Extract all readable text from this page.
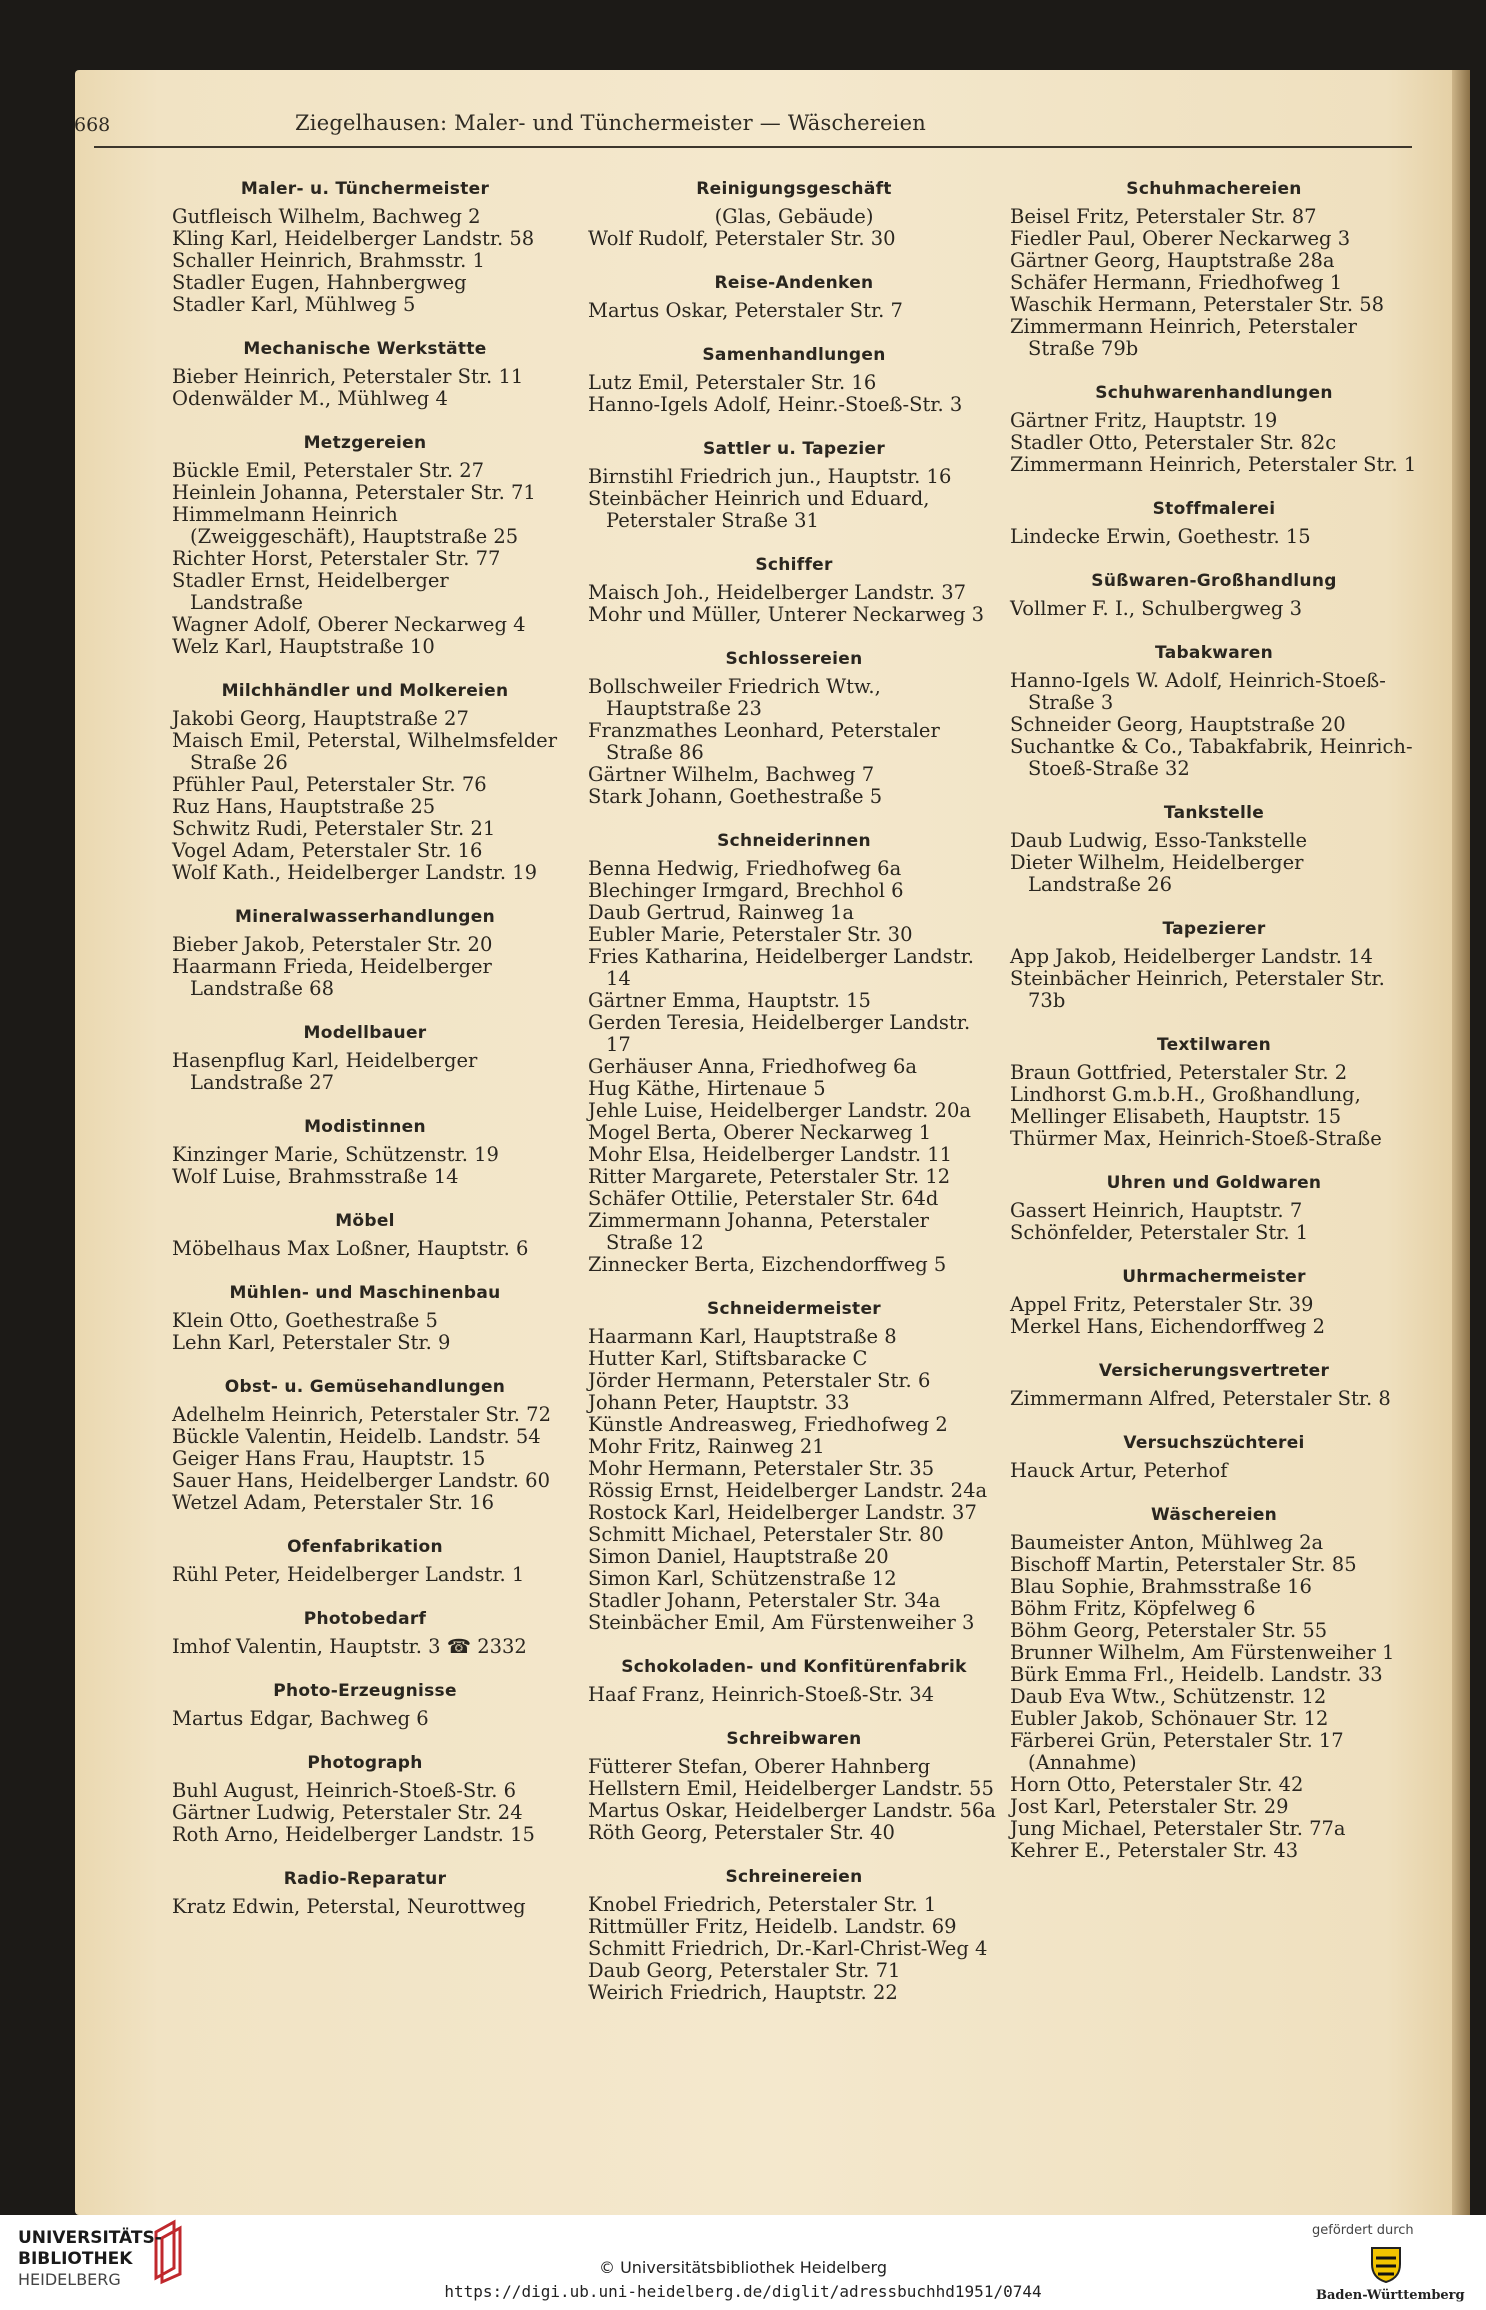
668	Ziegelhausen: Maler- und Tünchermeister — Wäschereien
Maler- u. Tünchermeister

Gutfleisch Wilhelm, Bachweg 2

Kling Karl, Heidelberger Landstr. 58

Schaller Heinrich, Brahmsstr. 1

Stadler Eugen, Hahnbergweg

Stadler Karl, Mühlweg 5

Mechanische Werkstätte

Bieber Heinrich, Peterstaler Str. 11

Odenwälder M., Mühlweg 4

Metzgereien

Bückle Emil, Peterstaler Str. 27

Heinlein Johanna, Peterstaler Str. 71

Himmelmann Heinrich (Zweiggeschäft), Hauptstraße 25

Richter Horst, Peterstaler Str. 77

Stadler Ernst, Heidelberger Landstraße

Wagner Adolf, Oberer Neckarweg 4

Welz Karl, Hauptstraße 10

Milchhändler und Molkereien

Jakobi Georg, Hauptstraße 27

Maisch Emil, Peterstal, Wilhelmsfelder Straße 26

Pfühler Paul, Peterstaler Str. 76

Ruz Hans, Hauptstraße 25

Schwitz Rudi, Peterstaler Str. 21

Vogel Adam, Peterstaler Str. 16

Wolf Kath., Heidelberger Landstr. 19

Mineralwasserhandlungen

Bieber Jakob, Peterstaler Str. 20

Haarmann Frieda, Heidelberger Landstraße 68

Modellbauer

Hasenpflug Karl, Heidelberger Landstraße 27

Modistinnen

Kinzinger Marie, Schützenstr. 19

Wolf Luise, Brahmsstraße 14

Möbel

Möbelhaus Max Loßner, Hauptstr. 6

Mühlen- und Maschinenbau

Klein Otto, Goethestraße 5

Lehn Karl, Peterstaler Str. 9

Obst- u. Gemüsehandlungen

Adelhelm Heinrich, Peterstaler Str. 72

Bückle Valentin, Heidelb. Landstr. 54

Geiger Hans Frau, Hauptstr. 15

Sauer Hans, Heidelberger Landstr. 60

Wetzel Adam, Peterstaler Str. 16

Ofenfabrikation

Rühl Peter, Heidelberger Landstr. 1

Photobedarf

Imhof Valentin, Hauptstr. 3 ☎ 2332

Photo-Erzeugnisse

Martus Edgar, Bachweg 6

Photograph

Buhl August, Heinrich-Stoeß-Str. 6

Gärtner Ludwig, Peterstaler Str. 24

Roth Arno, Heidelberger Landstr. 15

Radio-Reparatur

Kratz Edwin, Peterstal, Neurottweg

Reinigungsgeschäft
(Glas, Gebäude)

Wolf Rudolf, Peterstaler Str. 30

Reise-Andenken

Martus Oskar, Peterstaler Str. 7

Samenhandlungen

Lutz Emil, Peterstaler Str. 16

Hanno-Igels Adolf, Heinr.-Stoeß-Str. 3

Sattler u. Tapezier

Birnstihl Friedrich jun., Hauptstr. 16

Steinbächer Heinrich und Eduard, Peterstaler Straße 31

Schiffer

Maisch Joh., Heidelberger Landstr. 37

Mohr und Müller, Unterer Neckarweg 3

Schlossereien

Bollschweiler Friedrich Wtw., Hauptstraße 23

Franzmathes Leonhard, Peterstaler Straße 86

Gärtner Wilhelm, Bachweg 7

Stark Johann, Goethestraße 5

Schneiderinnen

Benna Hedwig, Friedhofweg 6a

Blechinger Irmgard, Brechhol 6

Daub Gertrud, Rainweg 1a

Eubler Marie, Peterstaler Str. 30

Fries Katharina, Heidelberger Landstr. 14

Gärtner Emma, Hauptstr. 15

Gerden Teresia, Heidelberger Landstr. 17

Gerhäuser Anna, Friedhofweg 6a

Hug Käthe, Hirtenaue 5

Jehle Luise, Heidelberger Landstr. 20a

Mogel Berta, Oberer Neckarweg 1

Mohr Elsa, Heidelberger Landstr. 11

Ritter Margarete, Peterstaler Str. 12

Schäfer Ottilie, Peterstaler Str. 64d

Zimmermann Johanna, Peterstaler Straße 12

Zinnecker Berta, Eizchendorffweg 5

Schneidermeister

Haarmann Karl, Hauptstraße 8

Hutter Karl, Stiftsbaracke C

Jörder Hermann, Peterstaler Str. 6

Johann Peter, Hauptstr. 33

Künstle Andreasweg, Friedhofweg 2

Mohr Fritz, Rainweg 21

Mohr Hermann, Peterstaler Str. 35

Rössig Ernst, Heidelberger Landstr. 24a

Rostock Karl, Heidelberger Landstr. 37

Schmitt Michael, Peterstaler Str. 80

Simon Daniel, Hauptstraße 20

Simon Karl, Schützenstraße 12

Stadler Johann, Peterstaler Str. 34a

Steinbächer Emil, Am Fürstenweiher 3

Schokoladen- und Konfitürenfabrik

Haaf Franz, Heinrich-Stoeß-Str. 34

Schreibwaren

Fütterer Stefan, Oberer Hahnberg

Hellstern Emil, Heidelberger Landstr. 55

Martus Oskar, Heidelberger Landstr. 56a

Röth Georg, Peterstaler Str. 40

Schreinereien

Knobel Friedrich, Peterstaler Str. 1

Rittmüller Fritz, Heidelb. Landstr. 69

Schmitt Friedrich, Dr.-Karl-Christ-Weg 4

Daub Georg, Peterstaler Str. 71

Weirich Friedrich, Hauptstr. 22

Schuhmachereien

Beisel Fritz, Peterstaler Str. 87

Fiedler Paul, Oberer Neckarweg 3

Gärtner Georg, Hauptstraße 28a

Schäfer Hermann, Friedhofweg 1

Waschik Hermann, Peterstaler Str. 58

Zimmermann Heinrich, Peterstaler Straße 79b

Schuhwarenhandlungen

Gärtner Fritz, Hauptstr. 19

Stadler Otto, Peterstaler Str. 82c

Zimmermann Heinrich, Peterstaler Str. 1

Stoffmalerei

Lindecke Erwin, Goethestr. 15

Süßwaren-Großhandlung

Vollmer F. I., Schulbergweg 3

Tabakwaren

Hanno-Igels W. Adolf, Heinrich-Stoeß-Straße 3

Schneider Georg, Hauptstraße 20

Suchantke & Co., Tabakfabrik, Heinrich-Stoeß-Straße 32

Tankstelle

Daub Ludwig, Esso-Tankstelle

Dieter Wilhelm, Heidelberger Landstraße 26

Tapezierer

App Jakob, Heidelberger Landstr. 14

Steinbächer Heinrich, Peterstaler Str. 73b

Textilwaren

Braun Gottfried, Peterstaler Str. 2

Lindhorst G.m.b.H., Großhandlung,

Mellinger Elisabeth, Hauptstr. 15

Thürmer Max, Heinrich-Stoeß-Straße

Uhren und Goldwaren

Gassert Heinrich, Hauptstr. 7

Schönfelder, Peterstaler Str. 1

Uhrmachermeister

Appel Fritz, Peterstaler Str. 39

Merkel Hans, Eichendorffweg 2

Versicherungsvertreter

Zimmermann Alfred, Peterstaler Str. 8

Versuchszüchterei

Hauck Artur, Peterhof

Wäschereien

Baumeister Anton, Mühlweg 2a

Bischoff Martin, Peterstaler Str. 85

Blau Sophie, Brahmsstraße 16

Böhm Fritz, Köpfelweg 6

Böhm Georg, Peterstaler Str. 55

Brunner Wilhelm, Am Fürstenweiher 1

Bürk Emma Frl., Heidelb. Landstr. 33

Daub Eva Wtw., Schützenstr. 12

Eubler Jakob, Schönauer Str. 12

Färberei Grün, Peterstaler Str. 17 (Annahme)

Horn Otto, Peterstaler Str. 42

Jost Karl, Peterstaler Str. 29

Jung Michael, Peterstaler Str. 77a

Kehrer E., Peterstaler Str. 43

UNIVERSITÄTS-
BIBLIOTHEK
HEIDELBERG
© Universitätsbibliothek Heidelberg
https://digi.ub.uni-heidelberg.de/diglit/adressbuchhd1951/0744
gefördert durch
Baden-Württemberg
